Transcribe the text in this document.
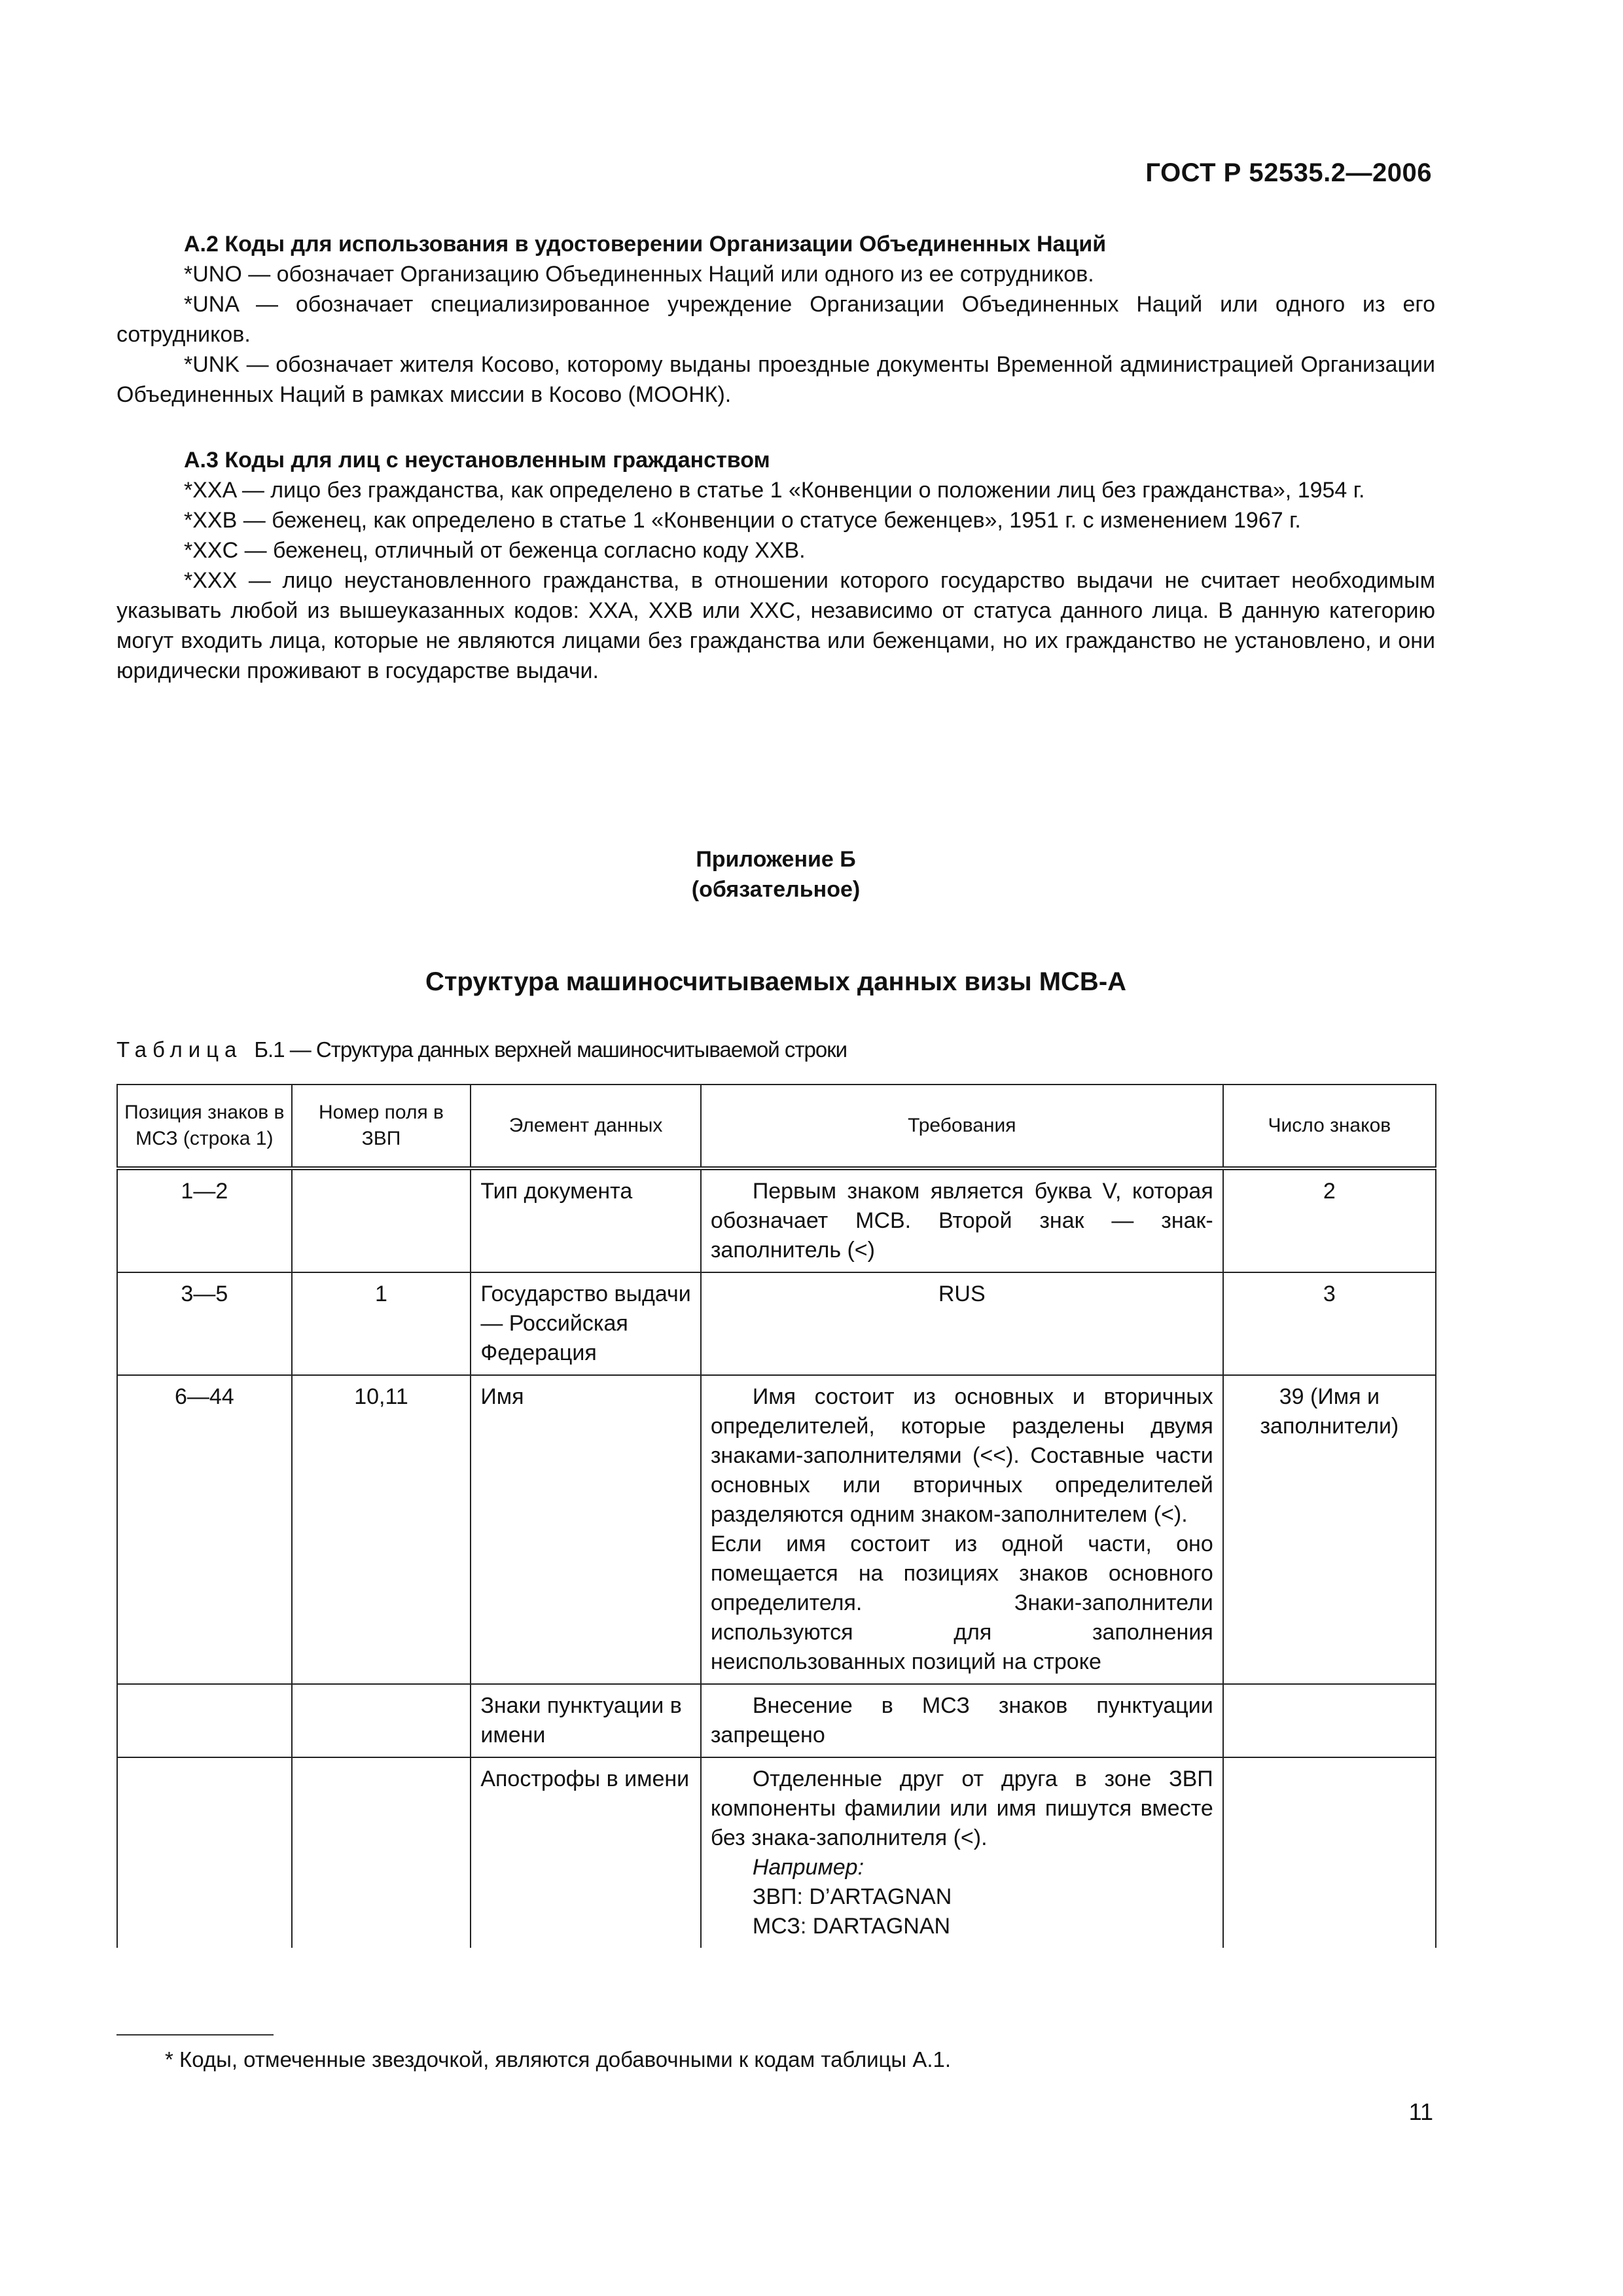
ГОСТ Р 52535.2—2006
А.2 Коды для использования в удостоверении Организации Объединенных Наций

*UNO — обозначает Организацию Объединенных Наций или одного из ее сотрудников.

*UNA — обозначает специализированное учреждение Организации Объединенных Наций или одного из его сотрудников.

*UNK — обозначает жителя Косово, которому выданы проездные документы Временной администрацией Организации Объединенных Наций в рамках миссии в Косово (МООНК).

А.3 Коды для лиц с неустановленным гражданством

*XXA — лицо без гражданства, как определено в статье 1 «Конвенции о положении лиц без гражданства», 1954 г.

*XXB — беженец, как определено в статье 1 «Конвенции о статусе беженцев», 1951 г. с изменением 1967 г.

*XXC — беженец, отличный от беженца согласно коду XXB.

*XXX — лицо неустановленного гражданства, в отношении которого государство выдачи не считает необходимым указывать любой из вышеуказанных кодов: XXA, XXB или XXC, независимо от статуса данного лица. В данную категорию могут входить лица, которые не являются лицами без гражданства или беженцами, но их гражданство не установлено, и они юридически проживают в государстве выдачи.

Приложение Б
(обязательное)
Структура машиносчитываемых данных визы МСВ-А
Таблица Б.1 — Структура данных верхней машиносчитываемой строки
Позиция знаков в МСЗ (строка 1)	Номер поля в ЗВП	Элемент данных	Требования	Число знаков
1—2		Тип документа	Первым знаком является буква V, которая обозначает МСВ. Второй знак — знак-заполнитель (<)	2
3—5	1	Государство выдачи — Российская Федерация	RUS	3
6—44	10,11	Имя	Имя состоит из основных и вторичных определителей, которые разделены двумя знаками-заполнителями (<<). Составные части основных или вторичных определителей разделяются одним знаком-заполнителем (<).
Если имя состоит из одной части, оно помещается на позициях знаков основного определителя. Знаки-заполнители используются для заполнения неиспользованных позиций на строке	39 (Имя и заполнители)
		Знаки пунктуации в имени	Внесение в МСЗ знаков пунктуации запрещено	

		Апострофы в имени	Отделенные друг от друга в зоне ЗВП компоненты фамилии или имя пишутся вместе без знака-заполнителя (<).
Например:
ЗВП: D’ARTAGNAN
МСЗ: DARTAGNAN	

* Коды, отмеченные звездочкой, являются добавочными к кодам таблицы А.1.
11
